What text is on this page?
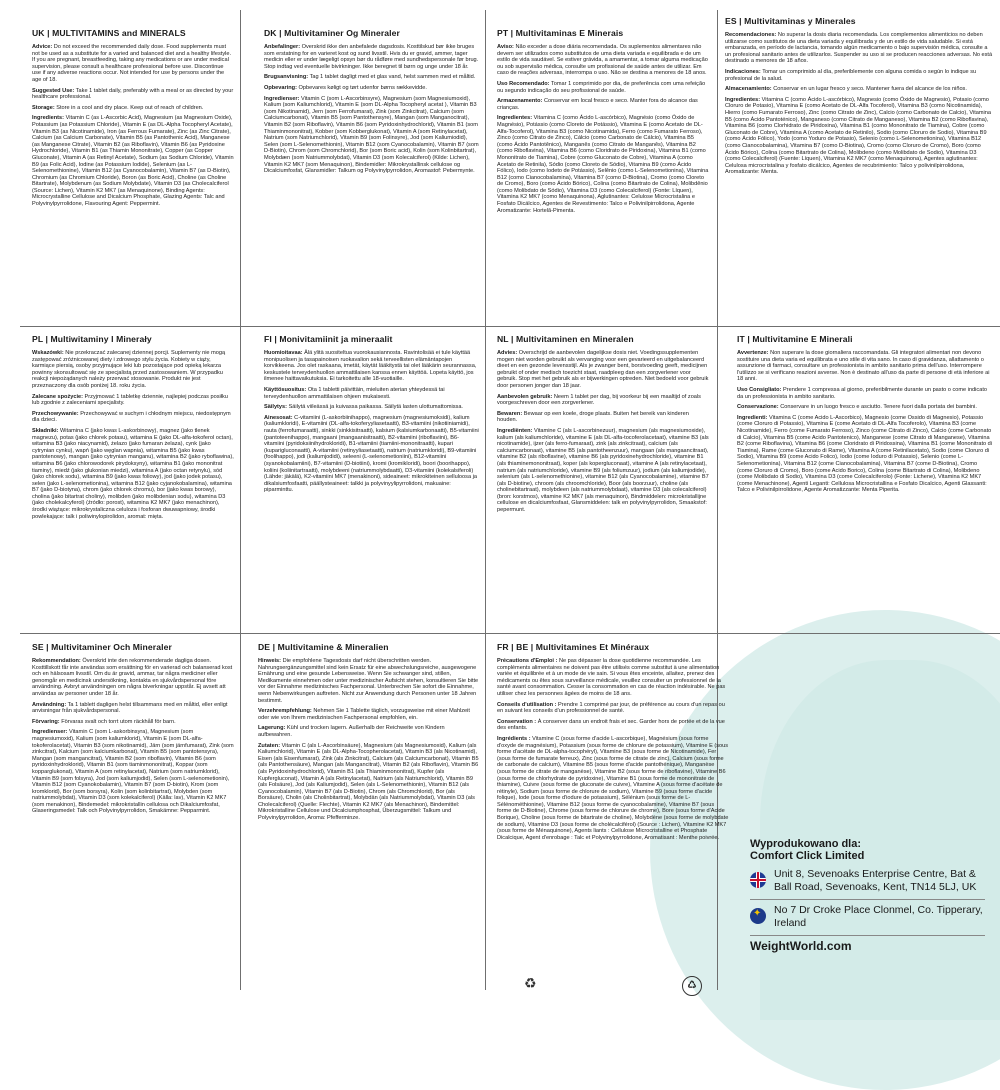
UK | MULTIVITAMINS and MINERALS

Advice: Do not exceed the recommended daily dose. Food supplements must not be used as a substitute for a varied and balanced diet and a healthy lifestyle. If you are pregnant, breastfeeding, taking any medications or are under medical supervision, please consult a healthcare professional before use. Discontinue use if any adverse reactions occur. Not intended for use by persons under the age of 18.

Suggested Use: Take 1 tablet daily, preferably with a meal or as directed by your healthcare professional.

Storage: Store in a cool and dry place. Keep out of reach of children.

Ingredients: Vitamin C (as L-Ascorbic Acid), Magnesium (as Magnesium Oxide), Potassium (as Potassium Chloride), Vitamin E (as DL-Alpha Tocopheryl Acetate), Vitamin B3 (as Nicotinamide), Iron (as Ferrous Fumarate), Zinc (as Zinc Citrate), Calcium (as Calcium Carbonate), Vitamin B5 (as Pantothenic Acid), Manganese (as Manganese Citrate), Vitamin B2 (as Riboflavin), Vitamin B6 (as Pyridoxine Hydrochloride), Vitamin B1 (as Thiamin Mononitrate), Copper (as Copper Gluconate), Vitamin A (as Retinyl Acetate), Sodium (as Sodium Chloride), Vitamin B9 (as Folic Acid), Iodine (as Potassium Iodide), Selenium (as L-Selenomethionine), Vitamin B12 (as Cyanocobalamin), Vitamin B7 (as D-Biotin), Chromium (as Chromium Chloride), Boron (as Boric Acid), Choline (as Choline Bitartrate), Molybdenum (as Sodium Molybdate), Vitamin D3 (as Cholecalciferol (Source: Lichen), Vitamin K2 MK7 (as Menaquinone), Binding Agents: Microcrystalline Cellulose and Dicalcium Phosphate, Glazing Agents: Talc and Polyvinylpyrrolidone, Flavouring Agent: Peppermint.

DK | Multivitaminer Og Mineraler

Anbefalinger: Overskrid ikke den anbefalede dagsdosis. Kosttilskud bør ikke bruges som erstatning for en varieret kost og sund livsstil. Hvis du er gravid, ammer, tager medicin eller er under lægeligt opsyn bør du rådføre med sundhedspersonale før brug. Stop indtag ved eventuelle bivirkninger. Ikke beregnet til børn og unge under 18 år.

Brugsanvisning: Tag 1 tablet dagligt med et glas vand, helst sammen med et måltid.

Opbevaring: Opbevares køligt og tørt udenfor børns rækkevidde.

Ingredienser: Vitamin C (som L-Ascorbinsyre), Magnesium (som Magnesiumoxid), Kalium (som Kaliumchlorid), Vitamin E (som DL-Alpha Tocopheryl acetat ), Vitamin B3 (som Nikotinamid), Jern (som Ferrofumarat), Zink (som Zinkcitrat), Calcium (som Calciumcarbonat), Vitamin B5 (som Pantothensyre), Mangan (som Manganocitrat), Vitamin B2 (som Riboflavin), Vitamin B6 (som Pyridoxinhydrochlorid), Vitamin B1 (som Thiaminmononitrat), Kobber (som Kobberglukonat), Vitamin A (som Retinylacetat), Natrium (som Natriumchlorid), Vitamin B9 (som Folinsyre), Jod (som Kaliumiodid), Selen (som L-Selenomethionin), Vitamin B12 (som Cyanocobalamin), Vitamin B7 (som D-Biotin), Chrom (som Chromchlorid), Bor (som Boric acid), Kolin (som Kolinbitartrat), Molybdæn (som Natriummolybdat), Vitamin D3 (som Kolecalciferol) (Kilde: Lichen), Vitamin K2 MK7 (som Menaquinon), Bindemidler: Mikrokrystallinsk cellulose og Dicalciumfosfat, Glansmidler: Talkum og Polyvinylpyrrolidon, Aromastof: Pebermynte.

PT | Multivitaminas E Minerais

Aviso: Não exceder a dose diária recomendada. Os suplementos alimentares não devem ser utilizados como substitutos de uma dieta variada e equilibrada e de um estilo de vida saudável. Se estiver grávida, a amamentar, a tomar alguma medicação ou sob supervisão médica, consulte um profissional de saúde antes de utilizar. Em caso de reações adversas, interrompa o uso. Não se destina a menores de 18 anos.

Uso Recomendado: Tomar 1 comprimido por dia, de preferência com uma refeição ou segundo indicação do seu profissional de saúde.

Armazenamento: Conservar em local fresco e seco. Manter fora do alcance das crianças.

Ingredientes: Vitamina C (como Ácido L-ascórbico), Magnésio (como Óxido de Magnésio), Potássio (como Cloreto de Potássio), Vitamina E (como Acetato de DL-Alfa-Tocoferol), Vitamina B3 (como Nicotinamida), Ferro (como Fumarato Ferroso), Zinco (como Citrato de Zinco), Cálcio (como Carbonato de Cálcio), Vitamina B5 (como Ácido Pantotênico), Manganês (como Citrato de Manganês), Vitamina B2 (como Riboflavina), Vitamina B6 (como Cloridrato de Piridoxina), Vitamina B1 (como Mononitrato de Tiamina), Cobre (como Gluconato de Cobre), Vitamina A (como Acetato de Retinila), Sódio (como Cloreto de Sódio), Vitamina B9 (como Ácido Fólico), Iodo (como Iodeto de Potássio), Selênio (como L-Selenometionina), Vitamina B12 (como Cianocobalamina), Vitamina B7 (como D-Biotina), Cromo (como Cloreto de Cromo), Boro (como Ácido Bórico), Colina (como Bitartrato de Colina), Molibdênio (como Molibdato de Sódio), Vitamina D3 (como Colecalciferol) (Fonte: Líquen), Vitamina K2 MK7 (como Menaquinona), Aglutinantes: Celulose Microcristalina e Fosfato Dicálcico, Agentes de Revestimento: Talco e Polivinilpirrolidona, Agente Aromatizante: Hortelã-Pimenta.

ES | Multivitaminas y Minerales

Recomendaciones: No superar la dosis diaria recomendada. Los complementos alimenticios no deben utilizarse como sustitutos de una dieta variada y equilibrada y de un estilo de vida saludable. Si está embarazada, en período de lactancia, tomando algún medicamento o bajo supervisión médica, consulte a un profesional sanitario antes de utilizarlos. Suspender su uso si se producen reacciones adversas. No está destinado a menores de 18 años.

Indicaciones: Tomar un comprimido al día, preferiblemente con alguna comida o según lo indique su profesional de la salud.

Almacenamiento: Conservar en un lugar fresco y seco. Mantener fuera del alcance de los niños.

Ingredientes: Vitamina C (como Ácido L-ascórbico), Magnesio (como Óxido de Magnesio), Potasio (como Cloruro de Potasio), Vitamina E (como Acetato de DL-Alfa Tocoferol), Vitamina B3 (como Nicotinamida), Hierro (como Fumarato Ferroso), Zinc (como Citrato de Zinc), Calcio (como Carbonato de Calcio), Vitamina B5 (como Ácido Pantoténico), Manganeso (como Citrato de Manganeso), Vitamina B2 (como Riboflavina), Vitamina B6 (como Clorhidrato de Piridoxina), Vitamina B1 (como Mononitrato de Tiamina), Cobre (como Gluconato de Cobre), Vitamina A (como Acetato de Retinilo), Sodio (como Cloruro de Sodio), Vitamina B9 (como Ácido Fólico), Yodo (como Yoduro de Potasio), Selenio (como L-Selenometionina), Vitamina B12 (como Cianocobalamina), Vitamina B7 (como D-Biotina), Cromo (como Cloruro de Cromo), Boro (como Ácido Bórico), Colina (como Bitartrato de Colina), Molibdeno (como Molibdato de Sodio), Vitamina D3 (como Colecalciferol) (Fuente: Líquen), Vitamina K2 MK7 (como Menaquinona), Agentes aglutinantes: Celulosa microcristalina y fosfato dicálcico, Agentes de recubrimiento: Talco y polivinilpirrolidona, Aromatizante: Menta.

PL | Multiwitaminy I Minerały

Wskazówki: Nie przekraczać zalecanej dziennej porcji. Suplementy nie mogą zastępować zróżnicowanej diety i zdrowego stylu życia. Kobiety w ciąży, karmiące piersią, osoby przyjmujące leki lub pozostające pod opieką lekarza powinny skonsultować się ze specjalistą przed zastosowaniem. W przypadku reakcji niepożądanych należy przerwać stosowanie. Produkt nie jest przeznaczony dla osób poniżej 18. roku życia.

Zalecane spożycie: Przyjmować 1 tabletkę dziennie, najlepiej podczas posiłku lub zgodnie z zaleceniami specjalisty.

Przechowywanie: Przechowywać w suchym i chłodnym miejscu, niedostępnym dla dzieci.

Składniki: Witamina C (jako kwas L-askorbinowy), magnez (jako tlenek magnezu), potas (jako chlorek potasu), witamina E (jako DL-alfa-tokoferol octan), witamina B3 (jako niacynamid), żelazo (jako fumaran żelaza), cynk (jako cytrynian cynku), wapń (jako węglan wapnia), witamina B5 (jako kwas pantotenowy), mangan (jako cytrynian manganu), witamina B2 (jako ryboflawina), witamina B6 (jako chlorowodorek pirydoksyny), witamina B1 (jako mononitrat tiaminy), miedź (jako glukonian miedzi), witamina A (jako octan retynylu), sód (jako chlorek sodu), witamina B9 (jako kwas foliowy), jod (jako jodek potasu), selen (jako L-selenometionina), witamina B12 (jako cyjanokobalamina), witamina B7 (jako D-biotyna), chrom (jako chlorek chromu), bor (jako kwas borowy), cholina (jako bitartrat choliny), molibden (jako molibdenian sodu), witamina D3 (jako cholekalcyferol) (źródło: porost), witamina K2 MK7 (jako menachinon), środki wiążące: mikrokrystaliczna celuloza i fosforan dwuwapniowy, środki powlekające: talk i poliwinylopirolidon, aromat: mięta.

FI | Monivitamiinit ja mineraalit

Huomioitavaa: Älä ylitä suositeltua vuorokausiannosta. Ravintolisää ei tule käyttää monipuolisen ja tasapainoisen ruokavalion sekä terveellisten elämäntapojen korvikkeena. Jos olet raskaana, imetät, käytät lääkitystä tai olet lääkärin seurannassa, keskustele terveydenhuollon ammattilaisen kanssa ennen käyttöä. Lopeta käyttö, jos ilmenee haittavaikutuksia. Ei tarkoitettu alle 18-vuotiaille.

Käyttösuositus: Ota 1 tabletti päivittäin, mieluiten aterian yhteydessä tai terveydenhuollon ammattilaisen ohjeen mukaisesti.

Säilytys: Säilytä viileässä ja kuivassa paikassa. Säilytä lasten ulottumattomissa.

Ainesosat: C-vitamiini (L-askorbiinihappo), magnesium (magnesiumoksidi), kalium (kaliumkloridi), E-vitamiini (DL-alfa-tokoferyyliasetaatti), B3-vitamiini (nikotiiniamidi), rauta (ferrofumaraatti), sinkki (sinkkisitraatti), kalsium (kalsiumkarbonaatti), B5-vitamiini (pantoteenihappo), mangaani (mangaanisitraatti), B2-vitamiini (riboflaviini), B6-vitamiini (pyridoksiinihydrokloridi), B1-vitamiini (tiamiini-mononitraatti), kupari (kuparigluconaatti), A-vitamiini (retinyyliasetaatti), natrium (natriumkloridi), B9-vitamiini (foolihappo), jodi (kaliumjodidi), seleeni (L-selenometioniini), B12-vitamiini (syanokobalamiini), B7-vitamiini (D-biotiini), kromi (kromikloridi), boori (boorihappo), koliini (koliinitartraatti), molybdeeni (natriummolybdaatti), D3-vitamiini (kolekalsiferoli) (Lähde: jäkälä), K2-vitamiini MK7 (menakinoni), sideaineet: mikrokiteinen selluloosa ja dikalsiumfosfaatti, päällysteaineet: talkki ja polyvinyylipyrrolidoni, makuaine: piparminttu.

NL | Multivitaminen en Mineralen

Advies: Overschrijd de aanbevolen dagelijkse dosis niet. Voedingssupplementen mogen niet worden gebruikt als vervanging voor een gevarieerd en uitgebalanceerd dieet en een gezonde levensstijl. Als je zwanger bent, borstvoeding geeft, medicijnen gebruikt of onder medisch toezicht staat, raadpleeg dan een zorgverlener voor gebruik. Stop met het gebruik als er bijwerkingen optreden. Niet bedoeld voor gebruik door personen jonger dan 18 jaar.

Aanbevolen gebruik: Neem 1 tablet per dag, bij voorkeur bij een maaltijd of zoals voorgeschreven door een zorgverlener.

Bewaren: Bewaar op een koele, droge plaats. Buiten het bereik van kinderen houden.

Ingrediënten: Vitamine C (als L-ascorbinezuur), magnesium (als magnesiumoxide), kalium (als kaliumchloride), vitamine E (als DL-alfa-tocoferolacetaat), vitamine B3 (als nicotinamide), ijzer (als ferro-fumaraat), zink (als zinkcitraat), calcium (als calciumcarbonaat), vitamine B5 (als pantotheenzuur), mangaan (als mangaancitraat), vitamine B2 (als riboflavine), vitamine B6 (als pyridoxinehydrochloride), vitamine B1 (als thiaminemononitraat), koper (als kopergluconaat), vitamine A (als retinylacetaat), natrium (als natriumchloride), vitamine B9 (als foliumzuur), jodium (als kaliumjodide), selenium (als L-selenomethionine), vitamine B12 (als Cyanocobalamine), vitamine B7 (als D-biotine), chroom (als chroomchloride), Boor (als boorzuur), choline (als cholinebitartraat), molybdeen (als natriummolybdaat), vitamine D3 (als colecalciferol) (bron: korstmos), vitamine K2 MK7 (als menaquinon), Bindmiddelen: microkristallijne cellulose en dicalciumfosfaat, Glansmiddelen: talk en polyvinylpyrrolidon, Smaakstof: pepermunt.

IT | Multivitamine E Minerali

Avvertenze: Non superare la dose giornaliera raccomandata. Gli integratori alimentari non devono sostituire una dieta varia ed equilibrata e uno stile di vita sano. In caso di gravidanza, allattamento o assunzione di farmaci, consultare un professionista in ambito sanitario prima dell'uso. Interrompere l'utilizzo se si verificano reazioni avverse. Non è destinato all'uso da parte di persone di età inferiore ai 18 anni.

Uso Consigliato: Prendere 1 compressa al giorno, preferibilmente durante un pasto o come indicato da un professionista in ambito sanitario.

Conservazione: Conservare in un luogo fresco e asciutto. Tenere fuori dalla portata dei bambini.

Ingredienti: Vitamina C (come Acido L-Ascorbico), Magnesio (come Ossido di Magnesio), Potassio (come Cloruro di Potassio), Vitamina E (come Acetato di DL-Alfa Tocoferolo), Vitamina B3 (come Nicotinamide), Ferro (come Fumarato Ferroso), Zinco (come Citrato di Zinco), Calcio (come Carbonato di Calcio), Vitamina B5 (come Acido Pantotenico), Manganese (come Citrato di Manganese), Vitamina B2 (come Riboflavina), Vitamina B6 (come Cloridrato di Piridossina), Vitamina B1 (come Mononitrato di Tiamina), Rame (come Gluconato di Rame), Vitamina A (come Retinilacetato), Sodio (come Cloruro di Sodio), Vitamina B9 (come Acido Folico), Iodio (come Ioduro di Potassio), Selenio (come L-Selenometionina), Vitamina B12 (come Cianocobalamina), Vitamina B7 (come D-Biotina), Cromo (come Cloruro di Cromo), Boro (come Acido Borico), Colina (come Bitartrato di Colina), Molibdeno (come Molibdato di Sodio), Vitamina D3 (come Colecalciferolo) (Fonte: Lichene), Vitamina K2 MK7 (come Menachinone), Agenti Leganti: Cellulosa Microcristallina e Fosfato Dicalcico, Agenti Glassanti: Talco e Polivinilpirrolidone, Agente Aromatizzante: Menta Piperita.

SE | Multivitaminer Och Mineraler

Rekommendation: Överskrid inte den rekommenderade dagliga dosen. Kosttillskott får inte användas som ersättning för en varierad och balanserad kost och en hälsosam livsstil. Om du är gravid, ammar, tar några mediciner eller genomgår en medicinsk undersökning, kontakta en sjukvårdspersonal före användning. Avbryt användningen om några biverkningar uppstår. Ej avsett att användas av personer under 18 år.

Användning: Ta 1 tablett dagligen helst tillsammans med en måltid, eller enligt anvisningar från sjukvårdspersonal.

Förvaring: Förvaras svalt och torrt utom räckhåll för barn.

Ingredienser: Vitamin C (som L-askorbinsyra), Magnesium (som magnesiumoxid), Kalium (som kaliumklorid), Vitamin E (som DL-alfa-tokoferolacetat), Vitamin B3 (som nikotinamid), Järn (som järnfumarat), Zink (som zinkcitrat), Kalcium (som kalciumkarbonat), Vitamin B5 (som pantotensyra), Mangan (som mangancitrat), Vitamin B2 (som riboflavin), Vitamin B6 (som pyridoxinhydroklorid), Vitamin B1 (som tiaminmononitrat), Koppar (som kopparglukonat), Vitamin A (som retinylacetat), Natrium (som natriumklorid), Vitamin B9 (som folsyra), Jod (som kaliumjodid), Selen (som L-selenometionin), Vitamin B12 (som Cyanokobalamin), Vitamin B7 (som D-biotin), Krom (som kromklorid), Bor (som borsyra), Kolin (som kolinbitartrat), Molybden (som natriummolybdat), Vitamin D3 (som kolekalciferol) (Källa: lav), Vitamin K2 MK7 (som menakinon), Bindemedel: mikrokristallin cellulosa och Dikalciumfosfat, Glaseringsmedel: Talk och Polyvinylpyrrolidon, Smakämne: Pepparmint.

DE | Multivitamine & Mineralien

Hinweis: Die empfohlene Tagesdosis darf nicht überschritten werden. Nahrungsergänzungsmittel sind kein Ersatz für eine abwechslungsreiche, ausgewogene Ernährung und eine gesunde Lebensweise. Wenn Sie schwanger sind, stillen, Medikamente einnehmen oder unter medizinischer Aufsicht stehen, konsultieren Sie bitte vor der Einnahme medizinisches Fachpersonal. Unterbrechen Sie sofort die Einnahme, wenn Nebenwirkungen auftreten. Nicht zur Anwendung durch Personen unter 18 Jahren bestimmt.

Verzehrempfehlung: Nehmen Sie 1 Tablette täglich, vorzugsweise mit einer Mahlzeit oder wie von Ihrem medizinischen Fachpersonal empfohlen, ein.

Lagerung: Kühl und trocken lagern. Außerhalb der Reichweite von Kindern aufbewahren.

Zutaten: Vitamin C (als L-Ascorbinsäure), Magnesium (als Magnesiumoxid), Kalium (als Kaliumchlorid), Vitamin E (als DL-Alpha-Tocopherolacetat), Vitamin B3 (als Nicotinamid), Eisen (als Eisenfumarat), Zink (als Zinkcitrat), Calcium (als Calciumcarbonat), Vitamin B5 (als Pantothensäure), Mangan (als Mangancitrat), Vitamin B2 (als Riboflavin), Vitamin B6 (als Pyridoxinhydrochlorid), Vitamin B1 (als Thiaminmononitrat), Kupfer (als Kupfergluconat), Vitamin A (als Retinylacetat), Natrium (als Natriumchlorid), Vitamin B9 (als Folsäure), Jod (als Kaliumjodid), Selen (als L-Selenomethionin), Vitamin B12 (als Cyanocobalamin), Vitamin B7 (als D-Biotin), Chrom (als Chromchlorid), Bor (als Borsäure), Cholin (als Cholinbitartrat), Molybdän (als Natriummolybdat), Vitamin D3 (als Cholecalciferol) (Quelle: Flechte), Vitamin K2 MK7 (als Menachinon), Bindemittel: Mikrokristalline Cellulose und Dicalciumphosphat, Überzugsmittel: Talkum und Polyvinylpyrrolidon, Aroma: Pfefferminze.

FR | BE | Multivitamines Et Minéraux

Précautions d'Emploi : Ne pas dépasser la dose quotidienne recommandée. Les compléments alimentaires ne doivent pas être utilisés comme substitut à une alimentation variée et équilibrée et à un mode de vie sain. Si vous êtes enceinte, allaitez, prenez des médicaments ou êtes sous surveillance médicale, veuillez consulter un professionnel de la santé avant consommation. Cesser la consommation en cas de réaction indésirable. Ne pas utiliser chez les personnes âgées de moins de 18 ans.

Conseils d'utilisation : Prendre 1 comprimé par jour, de préférence au cours d'un repas ou en suivant les conseils d'un professionnel de santé.

Conservation : À conserver dans un endroit frais et sec. Garder hors de portée et de la vue des enfants.

Ingrédients : Vitamine C (sous forme d'acide L-ascorbique), Magnésium (sous forme d'oxyde de magnésium), Potassium (sous forme de chlorure de potassium), Vitamine E (sous forme d'acétate de DL-alpha-tocophéryl), Vitamine B3 (sous forme de Nicotinamide), Fer (sous forme de fumarate ferreux), Zinc (sous forme de citrate de zinc), Calcium (sous forme de carbonate de calcium), Vitamine B5 (sous forme d'acide pantothénique), Manganèse (sous forme de citrate de manganèse), Vitamine B2 (sous forme de riboflavine), Vitamine B6 (sous forme de chlorhydrate de pyridoxine), Vitamine B1 (sous forme de mononitrate de thiamine), Cuivre (sous forme de gluconate de cuivre), Vitamine A (sous forme d'acétate de rétinyle), Sodium (sous forme de chlorure de sodium), Vitamine B9 (sous forme d'acide folique), Iode (sous forme d'iodure de potassium), Sélénium (sous forme de L-Sélénométhionine), Vitamine B12 (sous forme de cyanocobalamine), Vitamine B7 (sous forme de D-Biotine), Chrome (sous forme de chlorure de chrome), Bore (sous forme d'Acide Borique), Choline (sous forme de bitartrate de choline), Molybdène (sous forme de molybdate de sodium), Vitamine D3 (sous forme de cholécalciférol) (Source : Lichen), Vitamine K2 MK7 (sous forme de Ménaquinone), Agents liants : Cellulose Microcristalline et Phosphate Dicalcique, Agent d'enrobage : Talc et Polyvinylpyrrolidone, Aromatisant : Menthe poivrée.

♻	♺

Wyprodukowano dla:

Comfort Click Limited

Unit 8, Sevenoaks Enterprise Centre, Bat & Ball Road, Sevenoaks, Kent, TN14 5LJ, UK
✦ No 7 Dr Croke Place Clonmel, Co. Tipperary, Ireland
WeightWorld.com
